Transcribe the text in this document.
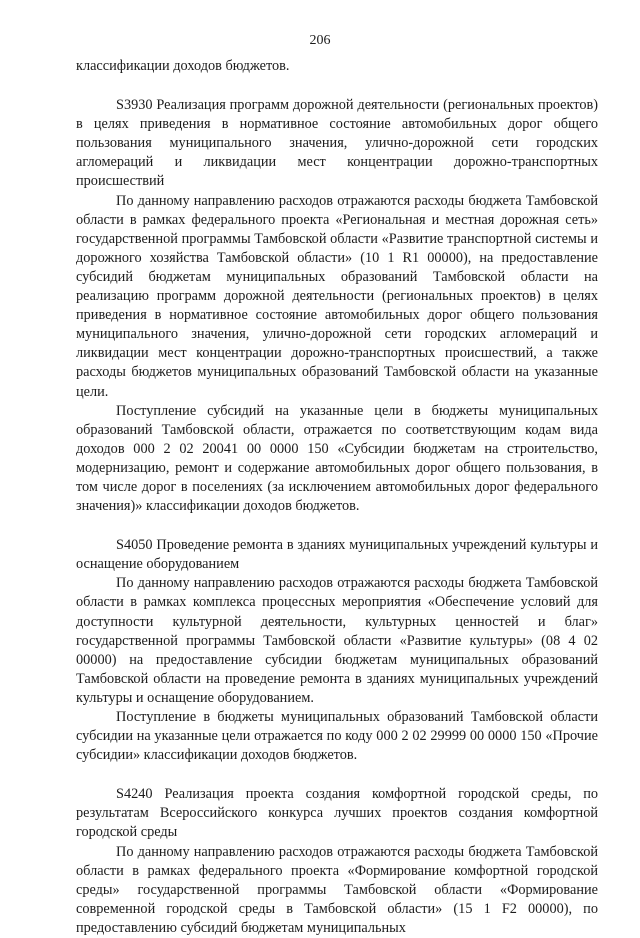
206

классификации доходов бюджетов.

S3930 Реализация программ дорожной деятельности (региональных проектов) в целях приведения в нормативное состояние автомобильных дорог общего пользования муниципального значения, улично-дорожной сети городских агломераций и ликвидации мест концентрации дорожно-транспортных происшествий

По данному направлению расходов отражаются расходы бюджета Тамбовской области в рамках федерального проекта «Региональная и местная дорожная сеть» государственной программы Тамбовской области «Развитие транспортной системы и дорожного хозяйства Тамбовской области» (10 1 R1 00000), на предоставление субсидий бюджетам муниципальных образований Тамбовской области на реализацию программ дорожной деятельности (региональных проектов) в целях приведения в нормативное состояние автомобильных дорог общего пользования муниципального значения, улично-дорожной сети городских агломераций и ликвидации мест концентрации дорожно-транспортных происшествий, а также расходы бюджетов муниципальных образований Тамбовской области на указанные цели.

Поступление субсидий на указанные цели в бюджеты муниципальных образований Тамбовской области, отражается по соответствующим кодам вида доходов 000 2 02 20041 00 0000 150 «Субсидии бюджетам на строительство, модернизацию, ремонт и содержание автомобильных дорог общего пользования, в том числе дорог в поселениях (за исключением автомобильных дорог федерального значения)» классификации доходов бюджетов.

S4050 Проведение ремонта в зданиях муниципальных учреждений культуры и оснащение оборудованием

По данному направлению расходов отражаются расходы бюджета Тамбовской области в рамках комплекса процессных мероприятия «Обеспечение условий для доступности культурной деятельности, культурных ценностей и благ» государственной программы Тамбовской области «Развитие культуры» (08 4 02 00000) на предоставление субсидии бюджетам муниципальных образований Тамбовской области на проведение ремонта в зданиях муниципальных учреждений культуры и оснащение оборудованием.

Поступление в бюджеты муниципальных образований Тамбовской области субсидии на указанные цели отражается по коду 000 2 02 29999 00 0000 150 «Прочие субсидии» классификации доходов бюджетов.

S4240 Реализация проекта создания комфортной городской среды, по результатам Всероссийского конкурса лучших проектов создания комфортной городской среды

По данному направлению расходов отражаются расходы бюджета Тамбовской области в рамках федерального проекта «Формирование комфортной городской среды» государственной программы Тамбовской области «Формирование современной городской среды в Тамбовской области» (15 1 F2 00000), по предоставлению субсидий бюджетам муниципальных
